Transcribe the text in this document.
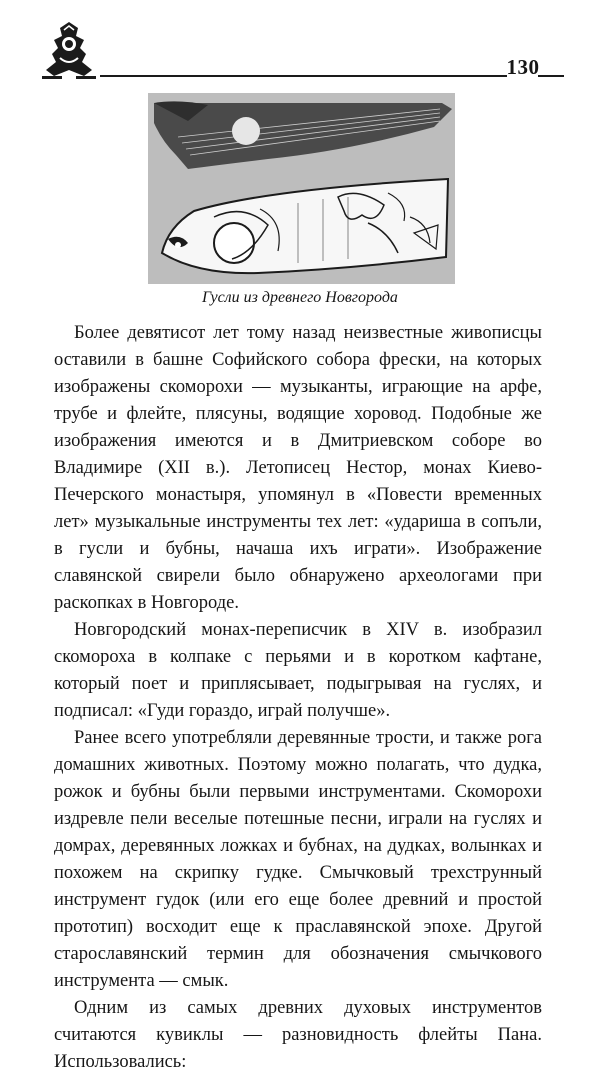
130
Гусли из древнего Новгорода

Более девятисот лет тому назад неизвестные живописцы оставили в башне Софийского собора фрески, на которых изображены скоморохи — музыканты, играющие на арфе, трубе и флейте, плясуны, водящие хоровод. Подобные же изображения имеются и в Дмитриевском соборе во Владимире (XII в.). Летописец Нестор, монах Киево-Печерского монастыря, упомянул в «Повести временных лет» музыкальные инструменты тех лет: «удариша в сопъли, в гусли и бубны, начаша ихъ играти». Изображение славянской свирели было обнаружено археологами при раскопках в Новгороде.

Новгородский монах-переписчик в XIV в. изобразил скомороха в колпаке с перьями и в коротком кафтане, который поет и приплясывает, подыгрывая на гуслях, и подписал: «Гуди гораздо, играй получше».

Ранее всего употребляли деревянные трости, и также рога домашних животных. Поэтому можно полагать, что дудка, рожок и бубны были первыми инструментами. Скоморохи издревле пели веселые потешные песни, играли на гуслях и домрах, деревянных ложках и бубнах, на дудках, волынках и похожем на скрипку гудке. Смычковый трехструнный инструмент гудок (или его еще более древний и простой прототип) восходит еще к праславянской эпохе. Другой старославянский термин для обозначения смычкового инструмента — смык.

Одним из самых древних духовых инструментов считаются кувиклы — разновидность флейты Пана. Использовались:
